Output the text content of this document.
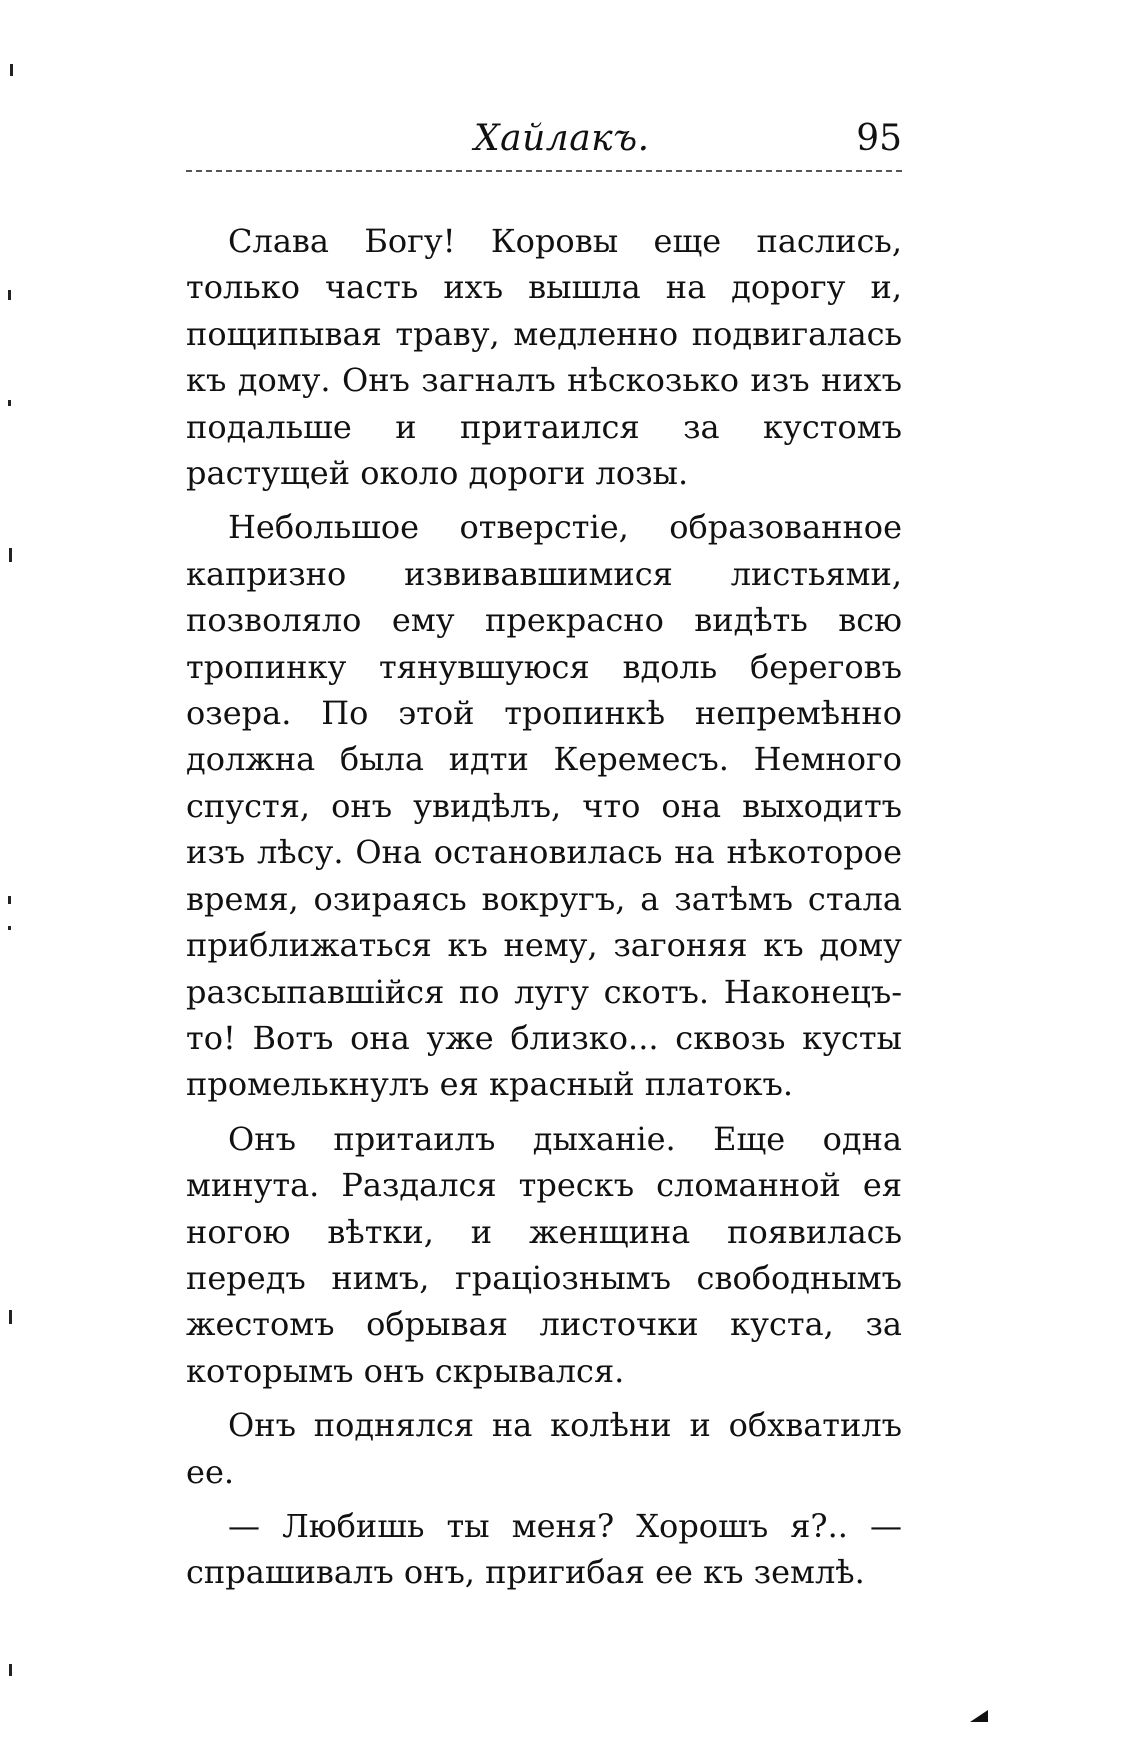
Хайлакъ.	95

Слава Богу! Коровы еще паслись, только часть ихъ вышла на дорогу и, пощипывая траву, медленно подвигалась къ дому. Онъ загналъ нѣскозько изъ нихъ подальше и притаился за кустомъ растущей около дороги лозы.

Небольшое отверстіе, образованное капризно извивавшимися листьями, позволяло ему прекрасно видѣть всю тропинку тянувшуюся вдоль береговъ озера. По этой тропинкѣ непремѣнно должна была идти Керемесъ. Немного спустя, онъ увидѣлъ, что она выходитъ изъ лѣсу. Она остановилась на нѣкоторое время, озираясь вокругъ, а затѣмъ стала приближаться къ нему, загоняя къ дому разсыпавшійся по лугу скотъ. Наконецъ-то! Вотъ она уже близко... сквозь кусты промелькнулъ ея красный платокъ.

Онъ притаилъ дыханіе. Еще одна минута. Раздался трескъ сломанной ея ногою вѣтки, и женщина появилась передъ нимъ, граціознымъ свободнымъ жестомъ обрывая листочки куста, за которымъ онъ скрывался.

Онъ поднялся на колѣни и обхватилъ ее.

— Любишь ты меня? Хорошъ я?.. — спрашивалъ онъ, пригибая ее къ землѣ.
